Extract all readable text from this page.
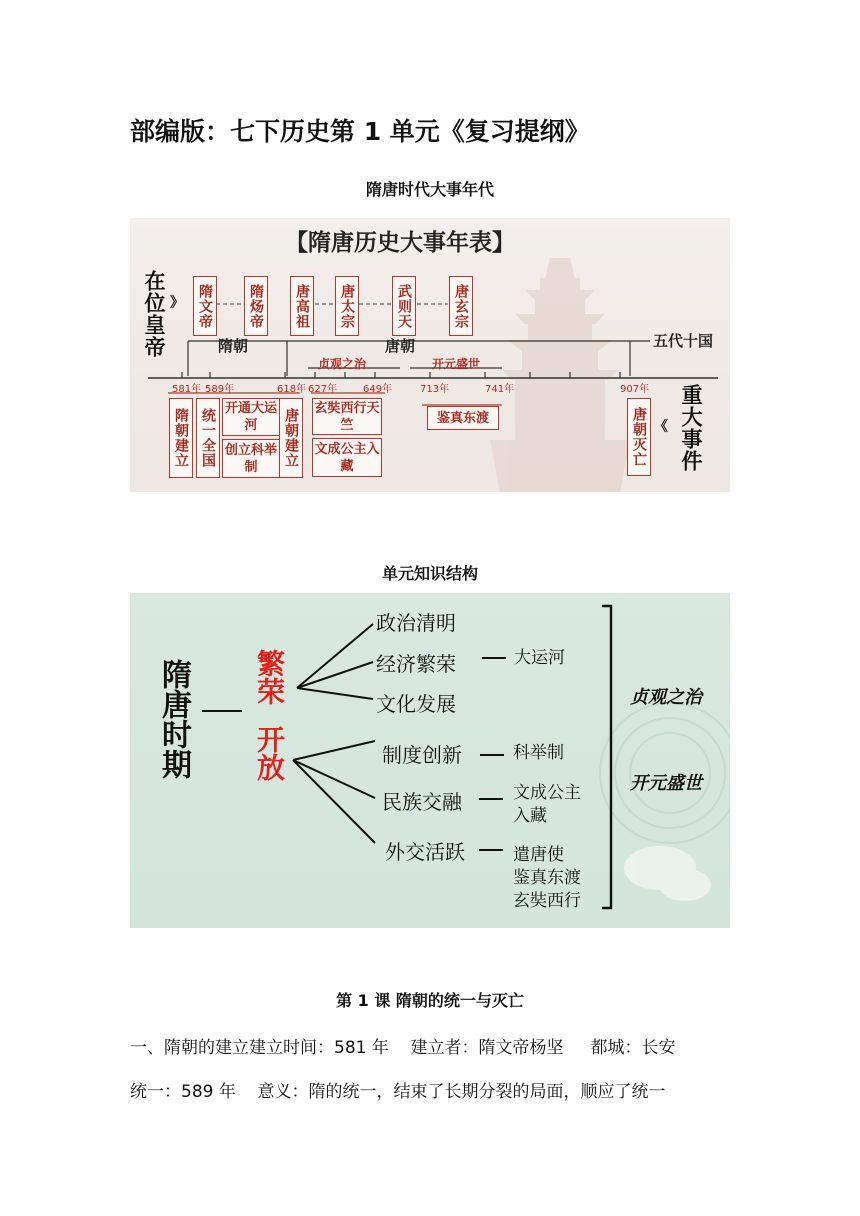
部编版：七下历史第 1 单元《复习提纲》
隋唐时代大事年代
【隋唐历史大事年表】
在位皇帝 》 隋文帝	隋炀帝 唐高祖 唐太宗	武则天	唐玄宗
隋朝	唐朝	五代十国
贞观之治	开元盛世
581年 589年	618年 627年	649年	713年	741年	907年
隋朝建立 统一全国 开通大运河
创立科举制	唐朝建立	玄奘西行天竺
文成公主入藏
鉴真东渡	唐朝灭亡 《 重大事件
单元知识结构
隋唐时期 繁荣
开放
政治清明
经济繁荣
文化发展
制度创新
民族交融
外交活跃
大运河
科举制
文成公主
入藏
遣唐使
鉴真东渡
玄奘西行
贞观之治
开元盛世
第 1 课 隋朝的统一与灭亡
一、隋朝的建立建立时间：581 年    建立者：隋文帝杨坚     都城：长安
统一：589 年    意义：隋的统一，结束了长期分裂的局面，顺应了统一
